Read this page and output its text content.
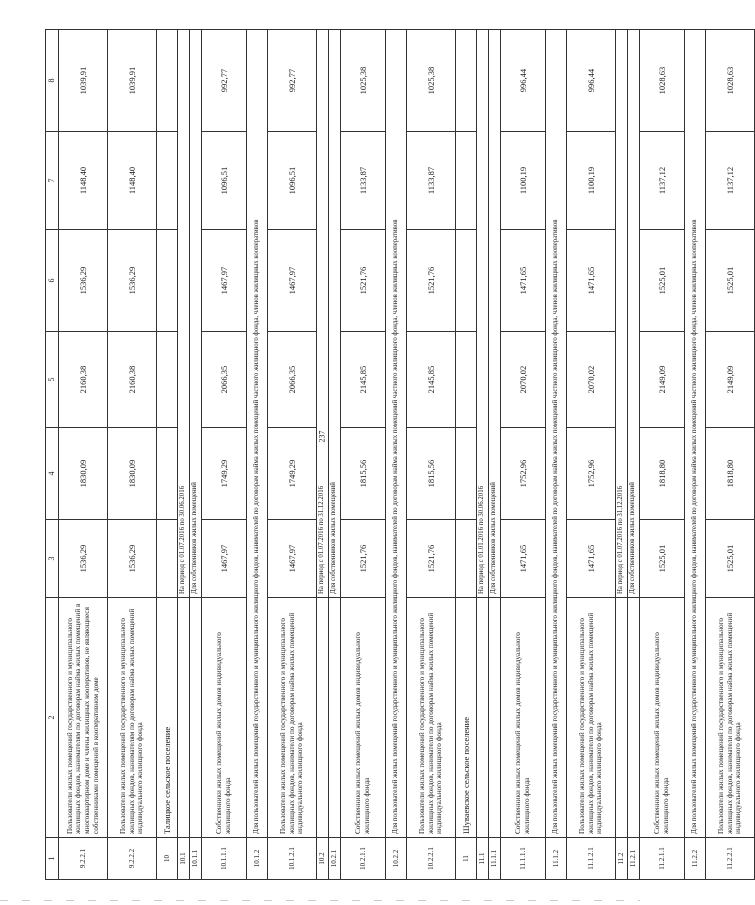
237
1	2	3	4	5	6	7	8
9.2.2.1	Пользователи жилых помещений государственного и муниципального жилищных фондов, нанимателям по договорам найма жилых помещений в многоквартирном доме и члены жилищных кооперативов, не являющиеся собственниками помещений в кооперативном доме	1536,29	1830,09	2160,38	1536,29	1148,40	1039,91
9.2.2.2	Пользователи жилых помещений государственного и муниципального жилищных фондов, нанимателям по договорам найма жилых помещений индивидуального жилищного фонда	1536,29	1830,09	2160,38	1536,29	1148,40	1039,91
10	Талицкое сельское поселение						
10.1		На период с 01.07.2016 по 30.06.2016					
10.1.1		Для собственников жилых помещений					
10.1.1.1	Собственники жилых помещений жилых домов индивидуального жилищного фонда	1467,97	1749,29	2066,35	1467,97	1096,51	992,77
10.1.2	Для пользователей жилых помещений государственного и муниципального жилищного фондов, нанимателей по договорам найма жилых помещений частного жилищного фонда, членов жилищных кооперативов						
10.1.2.1	Пользователи жилых помещений государственного и муниципального жилищных фондов, наниматели по договорам найма жилых помещений индивидуального жилищного фонда	1467,97	1749,29	2066,35	1467,97	1096,51	992,77
10.2		На период с 01.07.2016 по 31.12.2016					
10.2.1		Для собственников жилых помещений					
10.2.1.1	Собственники жилых помещений жилых домов индивидуального жилищного фонда	1521,76	1815,56	2145,85	1521,76	1133,87	1025,38
10.2.2	Для пользователей жилых помещений государственного и муниципального жилищного фондов, нанимателей по договорам найма жилых помещений частного жилищного фонда, членов жилищных кооперативов						
10.2.2.1	Пользователи жилых помещений государственного и муниципального жилищных фондов, наниматели по договорам найма жилых помещений индивидуального жилищного фонда	1521,76	1815,56	2145,85	1521,76	1133,87	1025,38
11	Шуваевское сельское поселение						
11.1		На период с 01.01.2016 по 30.06.2016					
11.1.1		Для собственников жилых помещений					
11.1.1.1	Собственники жилых помещений жилых домов индивидуального жилищного фонда	1471,65	1752,96	2070,02	1471,65	1100,19	996,44
11.1.2	Для пользователей жилых помещений государственного и муниципального жилищного фондов, нанимателей по договорам найма жилых помещений частного жилищного фонда, членов жилищных кооперативов						
11.1.2.1	Пользователи жилых помещений государственного и муниципального жилищных фондов, наниматели по договорам найма жилых помещений индивидуального жилищного фонда	1471,65	1752,96	2070,02	1471,65	1100,19	996,44
11.2		На период с 01.07.2016 по 31.12.2016					
11.2.1		Для собственников жилых помещений					
11.2.1.1	Собственники жилых помещений жилых домов индивидуального жилищного фонда	1525,01	1818,80	2149,09	1525,01	1137,12	1028,63
11.2.2	Для пользователей жилых помещений государственного и муниципального жилищного фондов, нанимателей по договорам найма жилых помещений частного жилищного фонда, членов жилищных кооперативов						
11.2.2.1	Пользователи жилых помещений государственного и муниципального жилищных фондов, наниматели по договорам найма жилых помещений индивидуального жилищного фонда	1525,01	1818,80	2149,09	1525,01	1137,12	1028,63
